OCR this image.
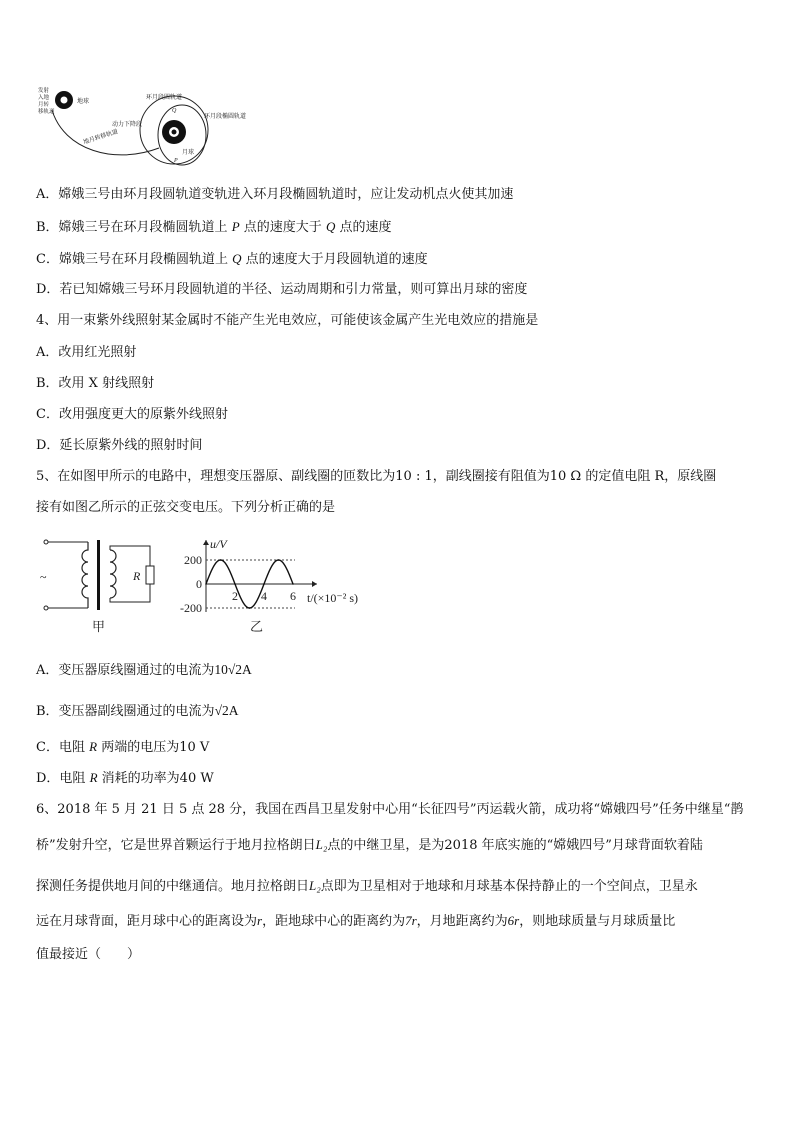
发射 入地 月转 移轨道
地球
环月段圆轨道
环月段椭圆轨道
动力下降段
地月转移轨道
Q
P
月球
A．嫦娥三号由环月段圆轨道变轨进入环月段椭圆轨道时，应让发动机点火使其加速
B．嫦娥三号在环月段椭圆轨道上 P 点的速度大于 Q 点的速度
C．嫦娥三号在环月段椭圆轨道上 Q 点的速度大于月段圆轨道的速度
D．若已知嫦娥三号环月段圆轨道的半径、运动周期和引力常量，则可算出月球的密度
4、用一束紫外线照射某金属时不能产生光电效应，可能使该金属产生光电效应的措施是
A．改用红光照射
B．改用 X 射线照射
C．改用强度更大的原紫外线照射
D．延长原紫外线的照射时间
5、在如图甲所示的电路中，理想变压器原、副线圈的匝数比为10 : 1，副线圈接有阻值为10 Ω 的定值电阻 R，原线圈
接有如图乙所示的正弦交变电压。下列分析正确的是
~	R
甲
200
0
-200
2 4 6
u/V
t/(×10⁻² s)
乙
A．变压器原线圈通过的电流为10√2A
B．变压器副线圈通过的电流为√2A
C．电阻 R 两端的电压为10 V
D．电阻 R 消耗的功率为40 W
6、2018 年 5 月 21 日 5 点 28 分，我国在西昌卫星发射中心用“长征四号”丙运载火箭，成功将“嫦娥四号”任务中继星“鹊
桥”发射升空，它是世界首颗运行于地月拉格朗日L₂点的中继卫星，是为2018 年底实施的“嫦娥四号”月球背面软着陆
探测任务提供地月间的中继通信。地月拉格朗日L₂点即为卫星相对于地球和月球基本保持静止的一个空间点，卫星永
远在月球背面，距月球中心的距离设为r，距地球中心的距离约为7r，月地距离约为6r，则地球质量与月球质量比
值最接近（　　）
